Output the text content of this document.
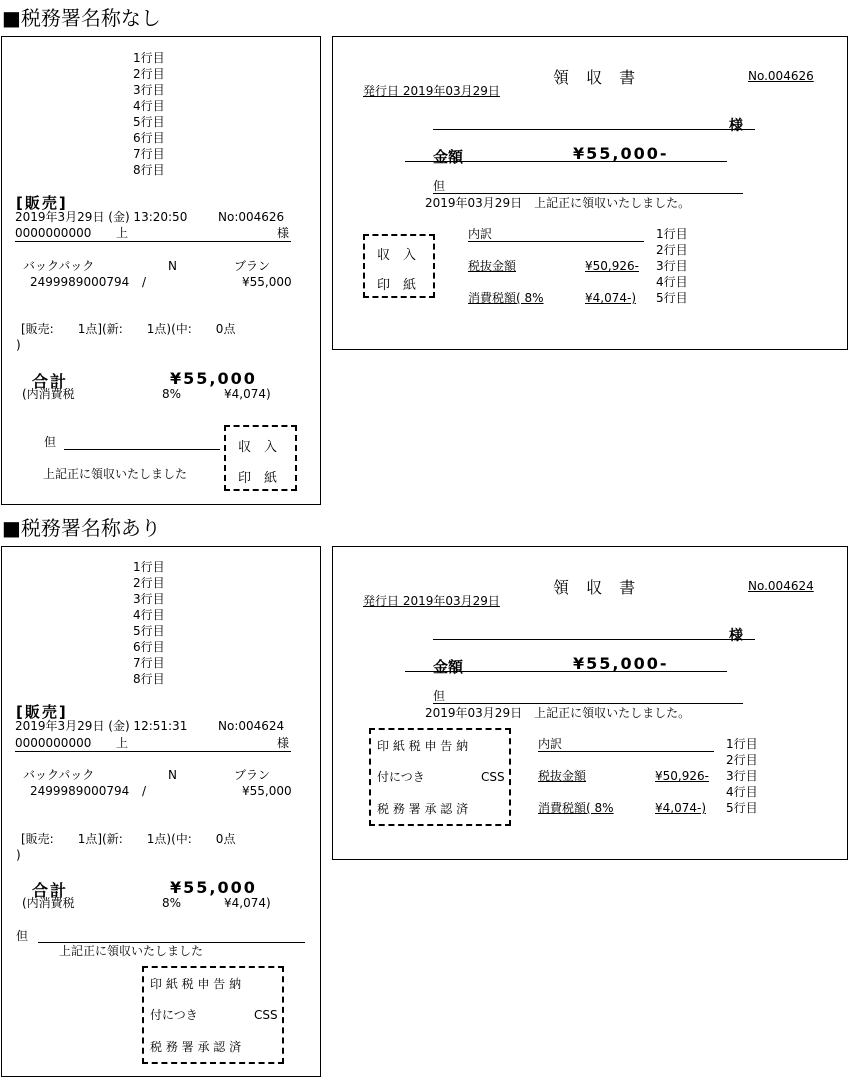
■税務署名称なし
1行目
2行目
3行目
4行目
5行目
6行目
7行目
8行目
[販売]
2019年3月29日 (金) 13:20:50	No:004626
0000000000 上	様
バックパック	N	ブラン
2499989000794 /	¥55,000
[販売:　　1点](新:　　1点)(中:　　0点
)
合計	¥55,000
(内消費税	8%	¥4,074)
但
上記正に領収いたしました
収　入
印　紙
領 収 書	No.004626
発行日 2019年03月29日
様
金額	¥55,000-
但
2019年03月29日　上記正に領収いたしました。
収　入
印　紙
内訳
税抜金額	¥50,926-
消費税額( 8%	¥4,074-)
1行目
2行目
3行目
4行目
5行目
■税務署名称あり
1行目
2行目
3行目
4行目
5行目
6行目
7行目
8行目
[販売]
2019年3月29日 (金) 12:51:31	No:004624
0000000000 上	様
バックパック	N	ブラン
2499989000794 /	¥55,000
[販売:　　1点](新:　　1点)(中:　　0点
)
合計	¥55,000
(内消費税	8%	¥4,074)
但
上記正に領収いたしました
印 紙 税 申 告 納
付につき	CSS
税 務 署 承 認 済
領 収 書	No.004624
発行日 2019年03月29日
様
金額	¥55,000-
但
2019年03月29日　上記正に領収いたしました。
印 紙 税 申 告 納
付につき	CSS
税 務 署 承 認 済
内訳
税抜金額	¥50,926-
消費税額( 8%	¥4,074-)
1行目
2行目
3行目
4行目
5行目
